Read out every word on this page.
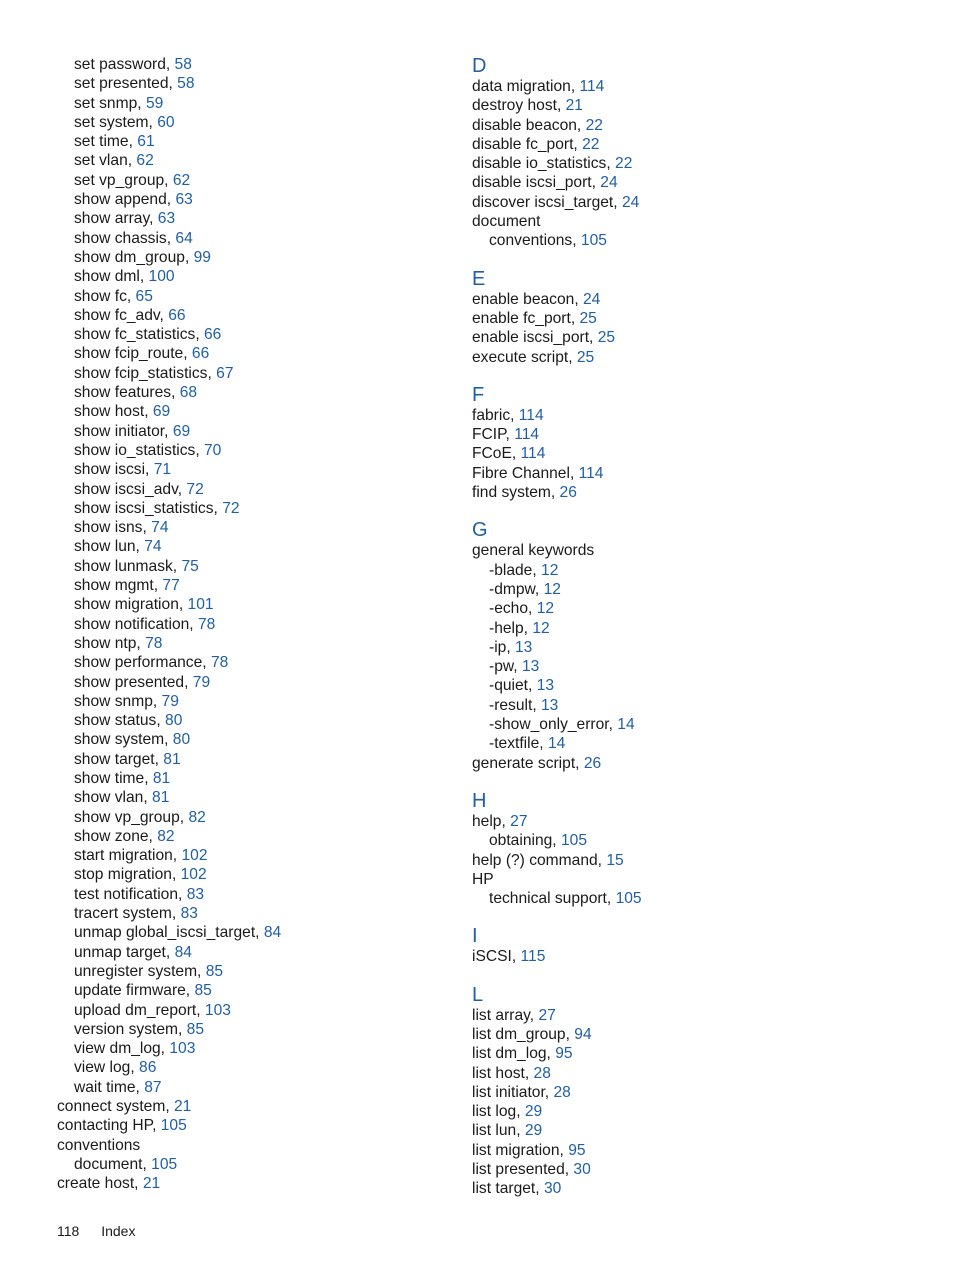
set password, 58
set presented, 58
set snmp, 59
set system, 60
set time, 61
set vlan, 62
set vp_group, 62
show append, 63
show array, 63
show chassis, 64
show dm_group, 99
show dml, 100
show fc, 65
show fc_adv, 66
show fc_statistics, 66
show fcip_route, 66
show fcip_statistics, 67
show features, 68
show host, 69
show initiator, 69
show io_statistics, 70
show iscsi, 71
show iscsi_adv, 72
show iscsi_statistics, 72
show isns, 74
show lun, 74
show lunmask, 75
show mgmt, 77
show migration, 101
show notification, 78
show ntp, 78
show performance, 78
show presented, 79
show snmp, 79
show status, 80
show system, 80
show target, 81
show time, 81
show vlan, 81
show vp_group, 82
show zone, 82
start migration, 102
stop migration, 102
test notification, 83
tracert system, 83
unmap global_iscsi_target, 84
unmap target, 84
unregister system, 85
update firmware, 85
upload dm_report, 103
version system, 85
view dm_log, 103
view log, 86
wait time, 87
connect system, 21
contacting HP, 105
conventions
document, 105
create host, 21
D
data migration, 114
destroy host, 21
disable beacon, 22
disable fc_port, 22
disable io_statistics, 22
disable iscsi_port, 24
discover iscsi_target, 24
document
conventions, 105
E
enable beacon, 24
enable fc_port, 25
enable iscsi_port, 25
execute script, 25
F
fabric, 114
FCIP, 114
FCoE, 114
Fibre Channel, 114
find system, 26
G
general keywords
-blade, 12
-dmpw, 12
-echo, 12
-help, 12
-ip, 13
-pw, 13
-quiet, 13
-result, 13
-show_only_error, 14
-textfile, 14
generate script, 26
H
help, 27
obtaining, 105
help (?) command, 15
HP
technical support, 105
I
iSCSI, 115
L
list array, 27
list dm_group, 94
list dm_log, 95
list host, 28
list initiator, 28
list log, 29
list lun, 29
list migration, 95
list presented, 30
list target, 30
118 Index
